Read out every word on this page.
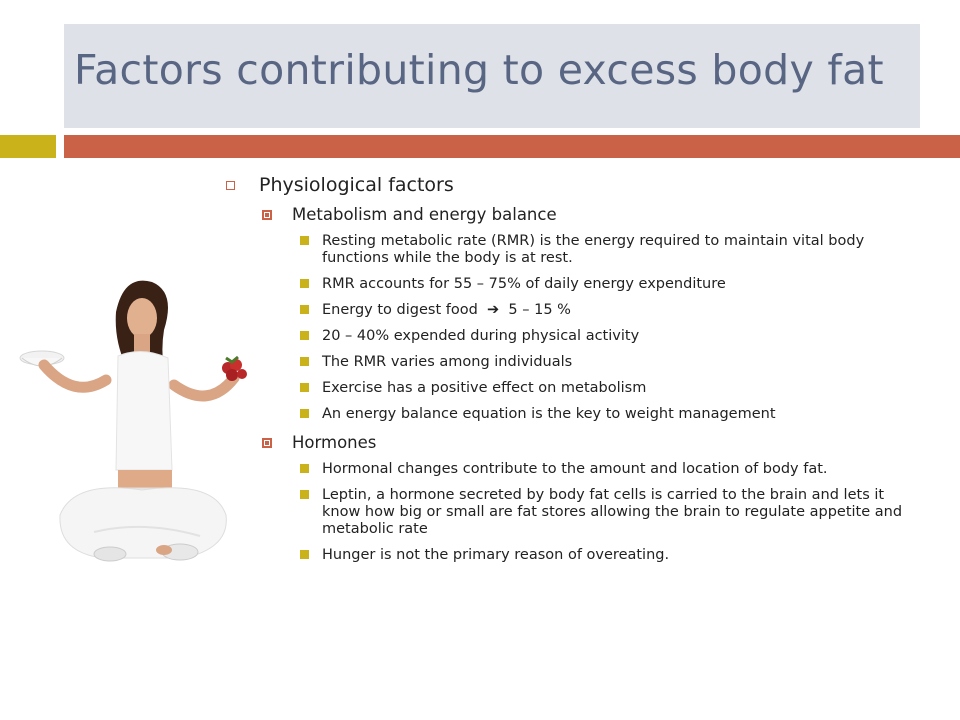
Factors contributing to excess body fat
Physiological factors
Metabolism and energy balance
Resting metabolic rate (RMR) is the energy required to maintain vital body functions while the body is at rest.
RMR accounts for 55 – 75% of daily energy expenditure
Energy to digest food  ➔  5 – 15 %
20 – 40% expended during physical activity
The RMR varies among individuals
Exercise has a positive effect on metabolism
An energy balance equation is the key to weight management
Hormones
Hormonal changes contribute to the amount and location of body fat.
Leptin, a hormone secreted by body fat cells is carried to the brain and lets it know how big or small are fat stores allowing the brain to regulate appetite and metabolic rate
Hunger is not the primary reason of overeating.
